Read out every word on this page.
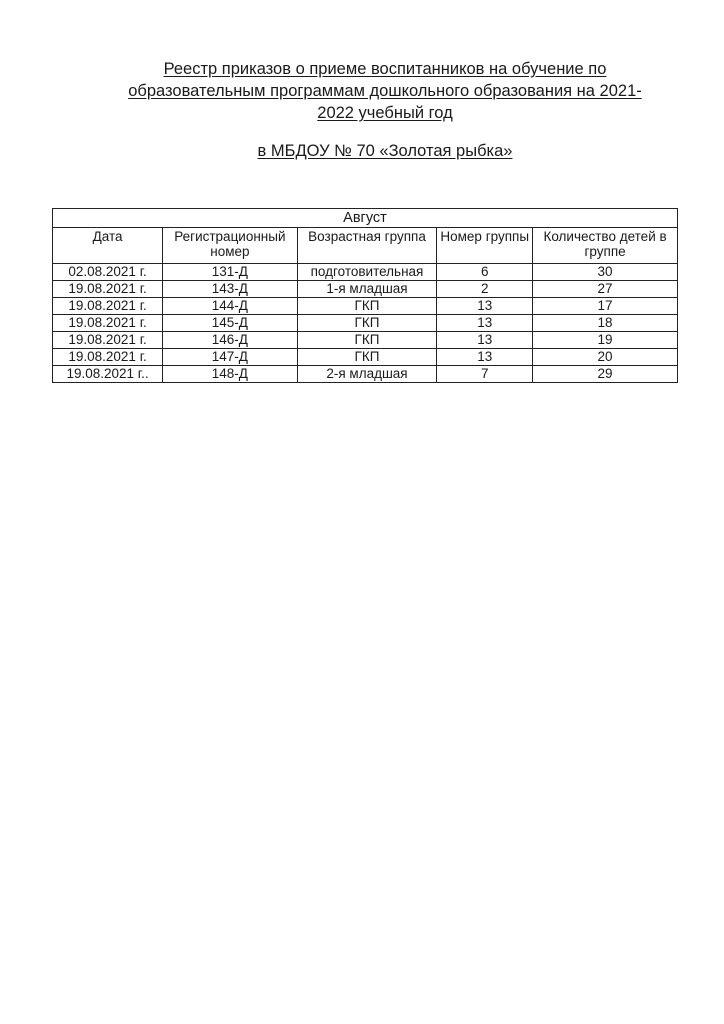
Реестр приказов о приеме воспитанников на обучение по
образовательным программам дошкольного образования на 2021-
2022 учебный год
в МБДОУ № 70 «Золотая рыбка»
Август				
Дата	Регистрационный номер	Возрастная группа	Номер группы	Количество детей в группе
02.08.2021 г.	131-Д	подготовительная	6	30
19.08.2021 г.	143-Д	1-я младшая	2	27
19.08.2021 г.	144-Д	ГКП	13	17
19.08.2021 г.	145-Д	ГКП	13	18
19.08.2021 г.	146-Д	ГКП	13	19
19.08.2021 г.	147-Д	ГКП	13	20
19.08.2021 г..	148-Д	2-я младшая	7	29
